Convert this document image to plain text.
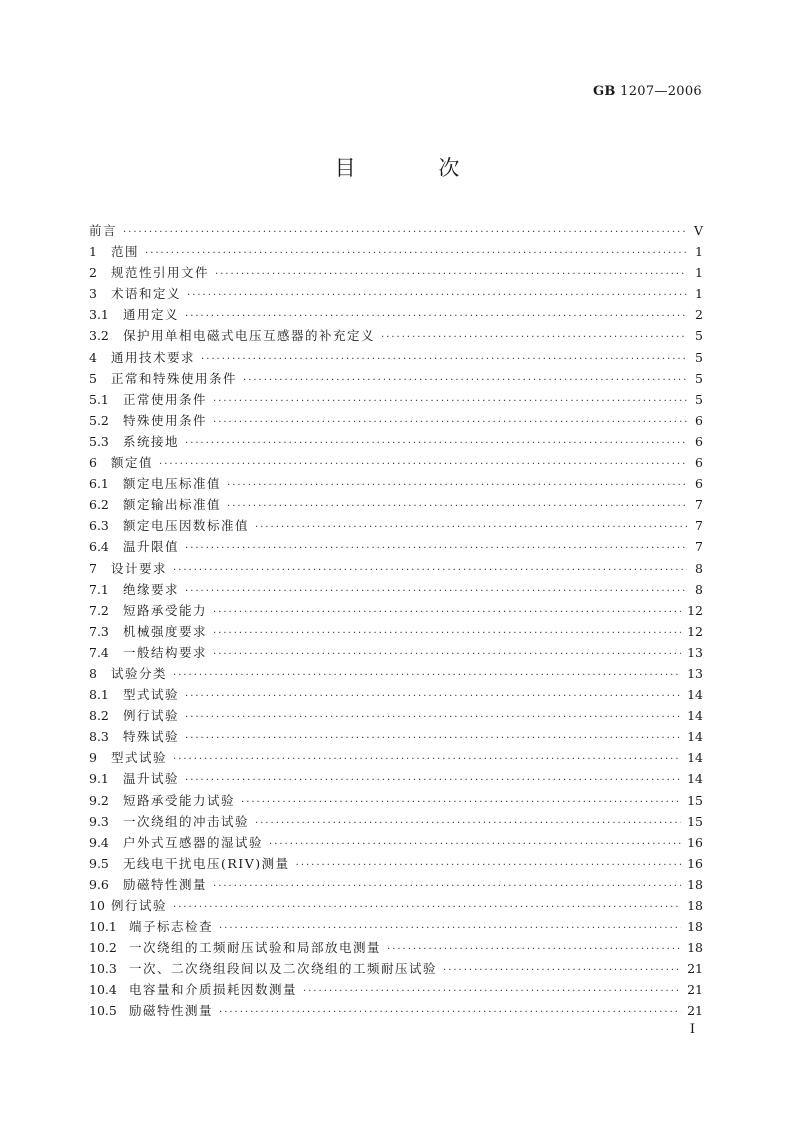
GB 1207—2006
目 次
前言 ·····	V
1	范围 ·····	1
2	规范性引用文件 ·····	1
3	术语和定义 ·····	1
3.1	通用定义 ·····	2
3.2	保护用单相电磁式电压互感器的补充定义 ·····	5
4	通用技术要求 ·····	5
5	正常和特殊使用条件 ·····	5
5.1	正常使用条件 ·····	5
5.2	特殊使用条件 ·····	6
5.3	系统接地 ·····	6
6	额定值 ·····	6
6.1	额定电压标准值 ·····	6
6.2	额定输出标准值 ·····	7
6.3	额定电压因数标准值 ·····	7
6.4	温升限值 ·····	7
7	设计要求 ·····	8
7.1	绝缘要求 ·····	8
7.2	短路承受能力 ·····	12
7.3	机械强度要求 ·····	12
7.4	一般结构要求 ·····	13
8	试验分类 ·····	13
8.1	型式试验 ·····	14
8.2	例行试验 ·····	14
8.3	特殊试验 ·····	14
9	型式试验 ·····	14
9.1	温升试验 ·····	14
9.2	短路承受能力试验 ·····	15
9.3	一次绕组的冲击试验 ·····	15
9.4	户外式互感器的湿试验 ·····	16
9.5	无线电干扰电压(RIV)测量 ·····	16
9.6	励磁特性测量 ·····	18
10 例行试验 ·····	18
10.1 端子标志检查 ·····	18
10.2 一次绕组的工频耐压试验和局部放电测量 ·····	18
10.3 一次、二次绕组段间以及二次绕组的工频耐压试验 ·····	21
10.4 电容量和介质损耗因数测量 ·····	21
10.5 励磁特性测量 ·····	21
I
